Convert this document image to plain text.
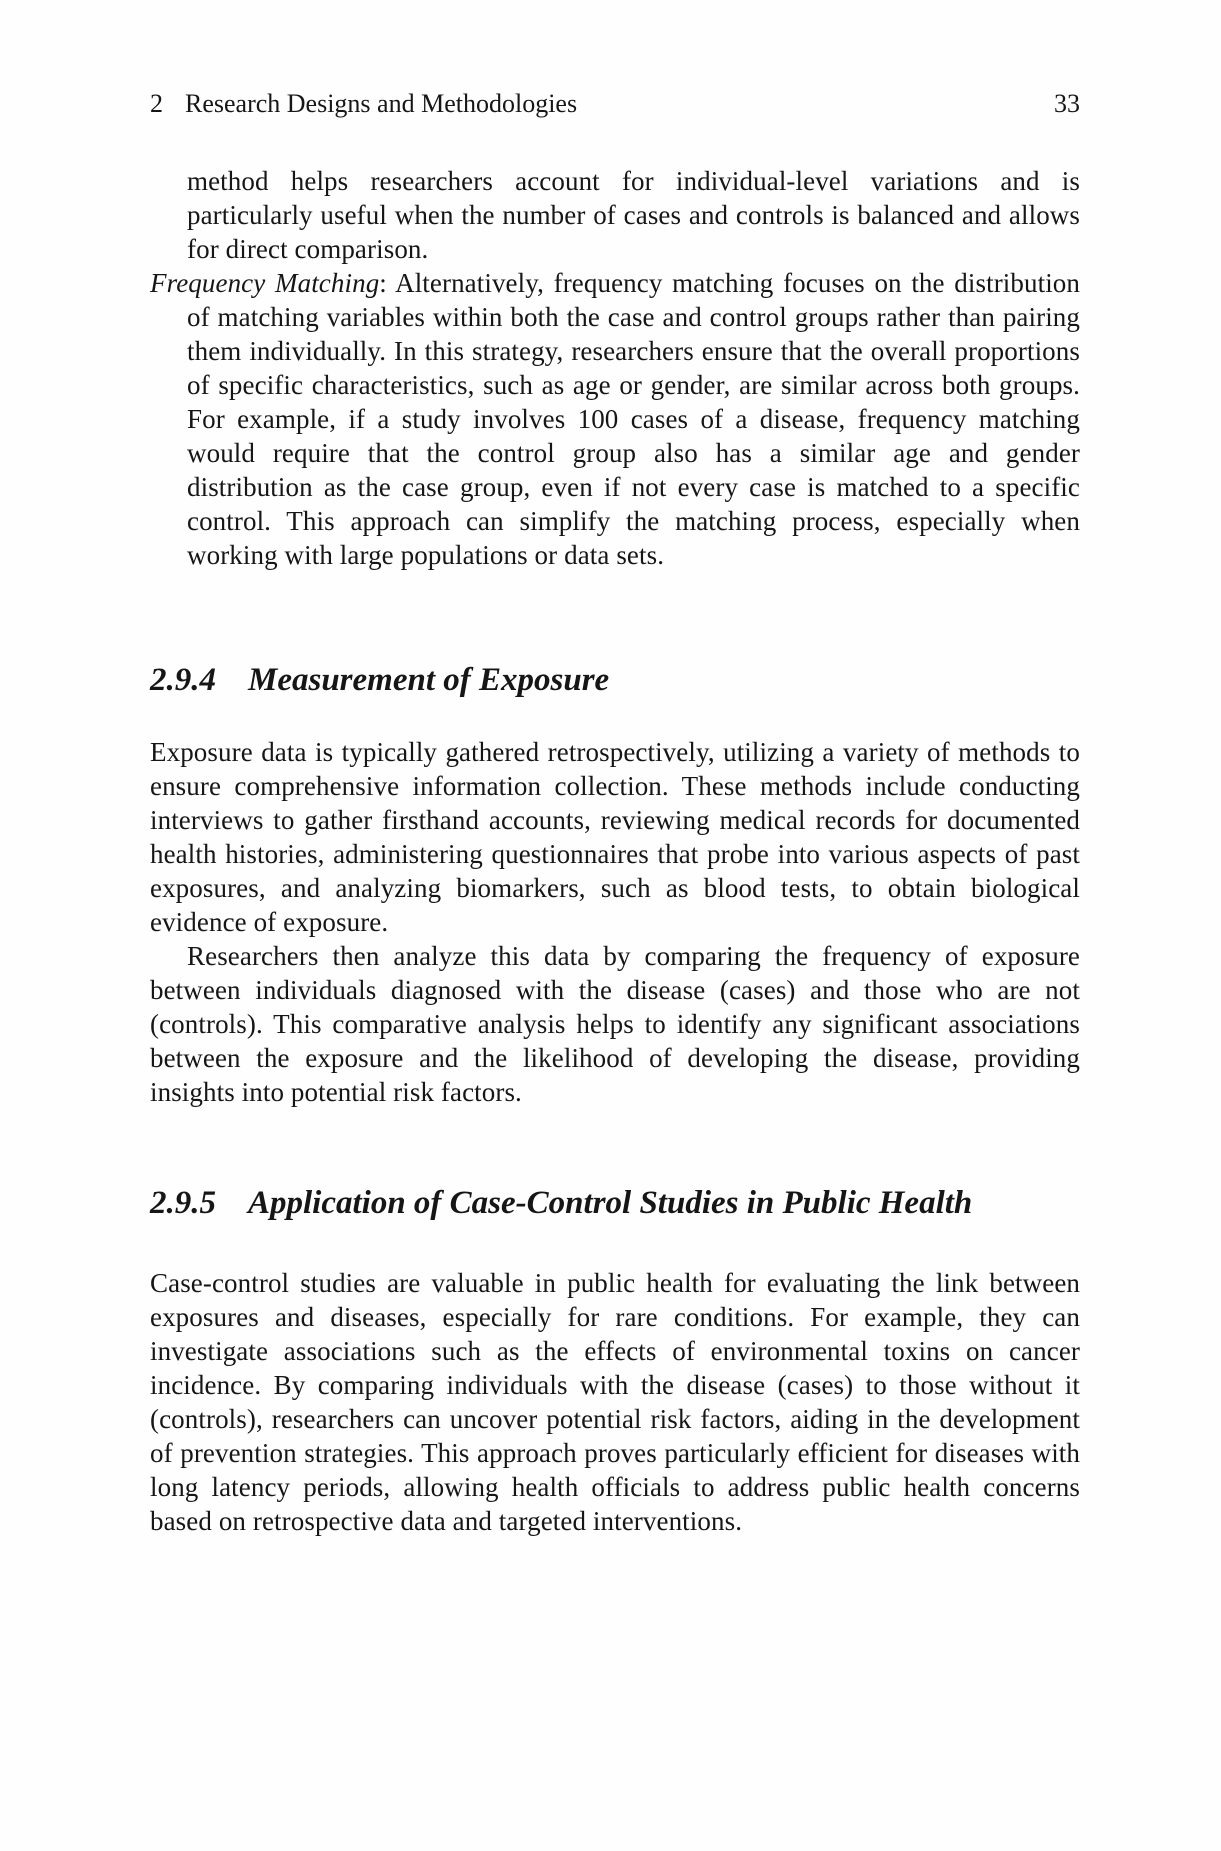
2 Research Designs and Methodologies	33

method helps researchers account for individual-level variations and is particularly useful when the number of cases and controls is balanced and allows for direct comparison.

Frequency Matching: Alternatively, frequency matching focuses on the distribution of matching variables within both the case and control groups rather than pairing them individually. In this strategy, researchers ensure that the overall proportions of specific characteristics, such as age or gender, are similar across both groups. For example, if a study involves 100 cases of a disease, frequency matching would require that the control group also has a similar age and gender distribution as the case group, even if not every case is matched to a specific control. This approach can simplify the matching process, especially when working with large populations or data sets.

2.9.4 Measurement of Exposure

Exposure data is typically gathered retrospectively, utilizing a variety of methods to ensure comprehensive information collection. These methods include conducting interviews to gather firsthand accounts, reviewing medical records for documented health histories, administering questionnaires that probe into various aspects of past exposures, and analyzing biomarkers, such as blood tests, to obtain biological evidence of exposure.

Researchers then analyze this data by comparing the frequency of exposure between individuals diagnosed with the disease (cases) and those who are not (controls). This comparative analysis helps to identify any significant associations between the exposure and the likelihood of developing the disease, providing insights into potential risk factors.

2.9.5 Application of Case-Control Studies in Public Health

Case-control studies are valuable in public health for evaluating the link between exposures and diseases, especially for rare conditions. For example, they can investigate associations such as the effects of environmental toxins on cancer incidence. By comparing individuals with the disease (cases) to those without it (controls), researchers can uncover potential risk factors, aiding in the development of prevention strategies. This approach proves particularly efficient for diseases with long latency periods, allowing health officials to address public health concerns based on retrospective data and targeted interventions.
